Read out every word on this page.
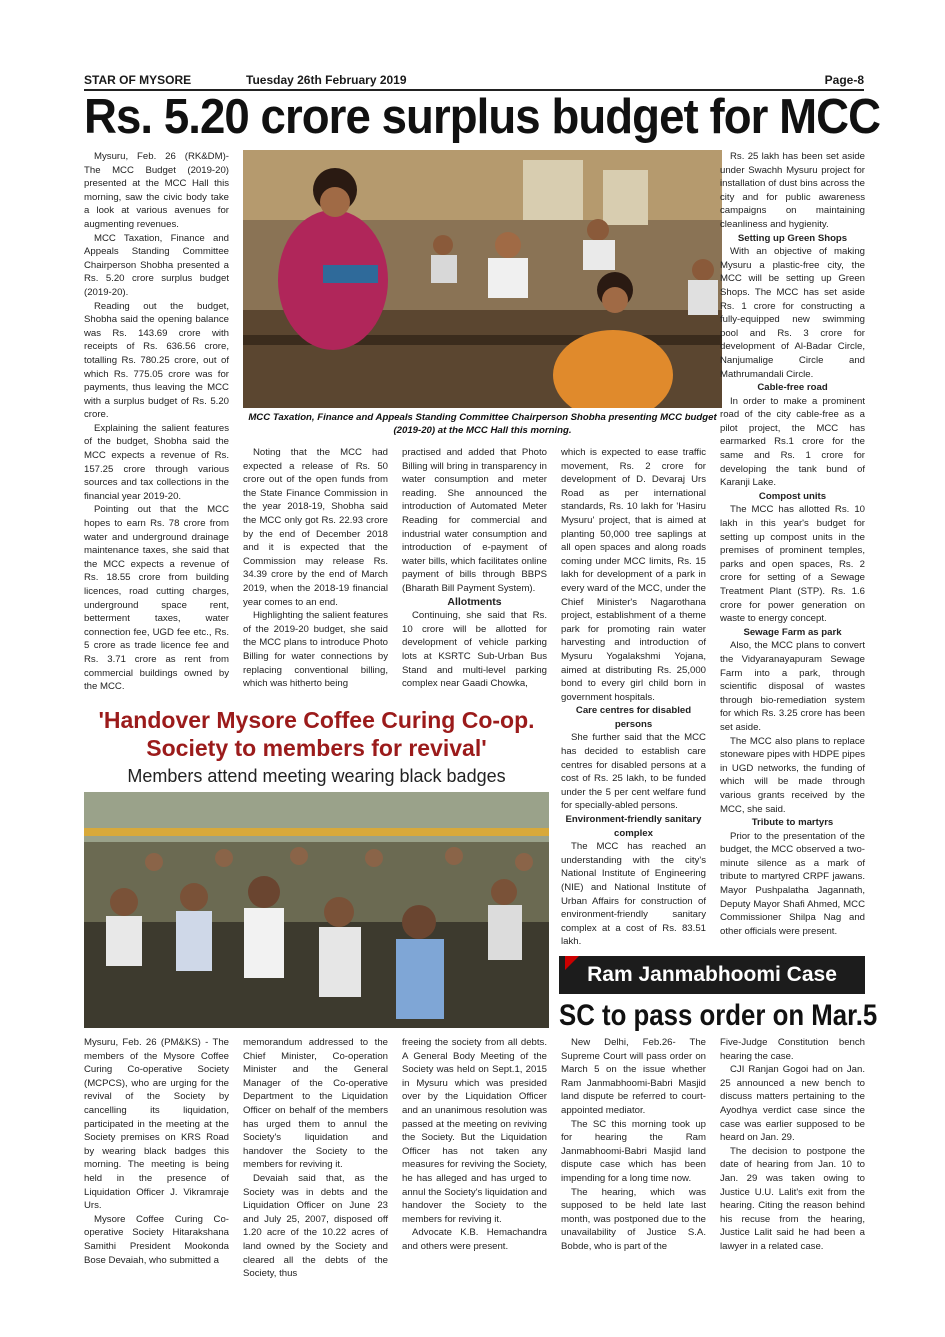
STAR OF MYSORE	Tuesday 26th February 2019	Page-8
Rs. 5.20 crore surplus budget for MCC

Mysuru, Feb. 26 (RK&DM)- The MCC Budget (2019-20) presented at the MCC Hall this morning, saw the civic body take a look at various avenues for augmenting revenues.

MCC Taxation, Finance and Appeals Standing Committee Chairperson Shobha presented a Rs. 5.20 crore surplus budget (2019-20).

Reading out the budget, Shobha said the opening balance was Rs. 143.69 crore with receipts of Rs. 636.56 crore, totalling Rs. 780.25 crore, out of which Rs. 775.05 crore was for payments, thus leaving the MCC with a surplus budget of Rs. 5.20 crore.

Explaining the salient features of the budget, Shobha said the MCC expects a revenue of Rs. 157.25 crore through various sources and tax collections in the financial year 2019-20.

Pointing out that the MCC hopes to earn Rs. 78 crore from water and underground drainage maintenance taxes, she said that the MCC expects a revenue of Rs. 18.55 crore from building licences, road cutting charges, underground space rent, betterment taxes, water connection fee, UGD fee etc., Rs. 5 crore as trade licence fee and Rs. 3.71 crore as rent from commercial buildings owned by the MCC.

MCC Taxation, Finance and Appeals Standing Committee Chairperson Shobha presenting MCC budget (2019-20) at the MCC Hall this morning.

Noting that the MCC had expected a release of Rs. 50 crore out of the open funds from the State Finance Commission in the year 2018-19, Shobha said the MCC only got Rs. 22.93 crore by the end of December 2018 and it is expected that the Commission may release Rs. 34.39 crore by the end of March 2019, when the 2018-19 financial year comes to an end.

Highlighting the salient features of the 2019-20 budget, she said the MCC plans to introduce Photo Billing for water connections by replacing conventional billing, which was hitherto being

practised and added that Photo Billing will bring in transparency in water consumption and meter reading. She announced the introduction of Automated Meter Reading for commercial and industrial water consumption and introduction of e-payment of water bills, which facilitates online payment of bills through BBPS (Bharath Bill Payment System).

Allotments

Continuing, she said that Rs. 10 crore will be allotted for development of vehicle parking lots at KSRTC Sub-Urban Bus Stand and multi-level parking complex near Gaadi Chowka,

which is expected to ease traffic movement, Rs. 2 crore for development of D. Devaraj Urs Road as per international standards, Rs. 10 lakh for 'Hasiru Mysuru' project, that is aimed at planting 50,000 tree saplings at all open spaces and along roads coming under MCC limits, Rs. 15 lakh for development of a park in every ward of the MCC, under the Chief Minister's Nagarothana project, establishment of a theme park for promoting rain water harvesting and introduction of Mysuru Yogalakshmi Yojana, aimed at distributing Rs. 25,000 bond to every girl child born in government hospitals.

Care centres for disabled persons

She further said that the MCC has decided to establish care centres for disabled persons at a cost of Rs. 25 lakh, to be funded under the 5 per cent welfare fund for specially-abled persons.

Environment-friendly sanitary complex

The MCC has reached an understanding with the city's National Institute of Engineering (NIE) and National Institute of Urban Affairs for construction of environment-friendly sanitary complex at a cost of Rs. 83.51 lakh.

Rs. 25 lakh has been set aside under Swachh Mysuru project for installation of dust bins across the city and for public awareness campaigns on maintaining cleanliness and hygienity.

Setting up Green Shops

With an objective of making Mysuru a plastic-free city, the MCC will be setting up Green Shops. The MCC has set aside Rs. 1 crore for constructing a fully-equipped new swimming pool and Rs. 3 crore for development of Al-Badar Circle, Nanjumalige Circle and Mathrumandali Circle.

Cable-free road

In order to make a prominent road of the city cable-free as a pilot project, the MCC has earmarked Rs.1 crore for the same and Rs. 1 crore for developing the tank bund of Karanji Lake.

Compost units

The MCC has allotted Rs. 10 lakh in this year's budget for setting up compost units in the premises of prominent temples, parks and open spaces, Rs. 2 crore for setting of a Sewage Treatment Plant (STP). Rs. 1.6 crore for power generation on waste to energy concept.

Sewage Farm as park

Also, the MCC plans to convert the Vidyaranayapuram Sewage Farm into a park, through scientific disposal of wastes through bio-remediation system for which Rs. 3.25 crore has been set aside.

The MCC also plans to replace stoneware pipes with HDPE pipes in UGD networks, the funding of which will be made through various grants received by the MCC, she said.

Tribute to martyrs

Prior to the presentation of the budget, the MCC observed a two-minute silence as a mark of tribute to martyred CRPF jawans. Mayor Pushpalatha Jagannath, Deputy Mayor Shafi Ahmed, MCC Commissioner Shilpa Nag and other officials were present.

'Handover Mysore Coffee Curing Co-op. Society to members for revival'
Members attend meeting wearing black badges

Mysuru, Feb. 26 (PM&KS) - The members of the Mysore Coffee Curing Co-operative Society (MCPCS), who are urging for the revival of the Society by cancelling its liquidation, participated in the meeting at the Society premises on KRS Road by wearing black badges this morning. The meeting is being held in the presence of Liquidation Officer J. Vikramraje Urs.

Mysore Coffee Curing Co-operative Society Hitarakshana Samithi President Mookonda Bose Devaiah, who submitted a

memorandum addressed to the Chief Minister, Co-operation Minister and the General Manager of the Co-operative Department to the Liquidation Officer on behalf of the members has urged them to annul the Society's liquidation and handover the Society to the members for reviving it.

Devaiah said that, as the Society was in debts and the Liquidation Officer on June 23 and July 25, 2007, disposed off 1.20 acre of the 10.22 acres of land owned by the Society and cleared all the debts of the Society, thus

freeing the society from all debts. A General Body Meeting of the Society was held on Sept.1, 2015 in Mysuru which was presided over by the Liquidation Officer and an unanimous resolution was passed at the meeting on reviving the Society. But the Liquidation Officer has not taken any measures for reviving the Society, he has alleged and has urged to annul the Society's liquidation and handover the Society to the members for reviving it.

Advocate K.B. Hemachandra and others were present.

Ram Janmabhoomi Case
SC to pass order on Mar.5

New Delhi, Feb.26- The Supreme Court will pass order on March 5 on the issue whether Ram Janmabhoomi-Babri Masjid land dispute be referred to court-appointed mediator.

The SC this morning took up for hearing the Ram Janmabhoomi-Babri Masjid land dispute case which has been impending for a long time now.

The hearing, which was supposed to be held late last month, was postponed due to the unavailability of Justice S.A. Bobde, who is part of the

Five-Judge Constitution bench hearing the case.

CJI Ranjan Gogoi had on Jan. 25 announced a new bench to discuss matters pertaining to the Ayodhya verdict case since the case was earlier supposed to be heard on Jan. 29.

The decision to postpone the date of hearing from Jan. 10 to Jan. 29 was taken owing to Justice U.U. Lalit's exit from the hearing. Citing the reason behind his recuse from the hearing, Justice Lalit said he had been a lawyer in a related case.
